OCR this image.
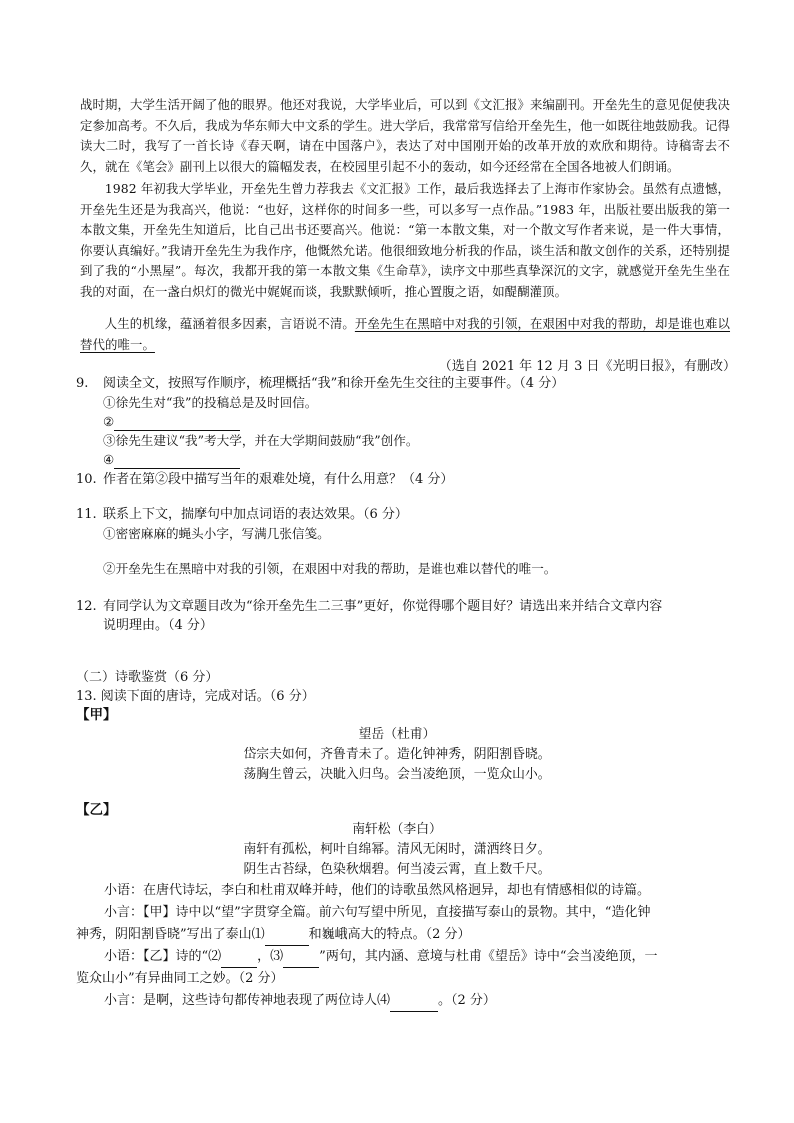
战时期，大学生活开阔了他的眼界。他还对我说，大学毕业后，可以到《文汇报》来编副刊。开垒先生的意见促使我决定参加高考。不久后，我成为华东师大中文系的学生。进大学后，我常常写信给开垒先生，他一如既往地鼓励我。记得读大二时，我写了一首长诗《春天啊，请在中国落户》，表达了对中国刚开始的改革开放的欢欣和期待。诗稿寄去不久，就在《笔会》副刊上以很大的篇幅发表，在校园里引起不小的轰动，如今还经常在全国各地被人们朗诵。

1982 年初我大学毕业，开垒先生曾力荐我去《文汇报》工作，最后我选择去了上海市作家协会。虽然有点遗憾，开垒先生还是为我高兴，他说：“也好，这样你的时间多一些，可以多写一点作品。”1983 年，出版社要出版我的第一本散文集，开垒先生知道后，比自己出书还要高兴。他说：“第一本散文集，对一个散文写作者来说，是一件大事情，你要认真编好。”我请开垒先生为我作序，他慨然允诺。他很细致地分析我的作品，谈生活和散文创作的关系，还特别提到了我的“小黑屋”。每次，我都开我的第一本散文集《生命草》，读序文中那些真挚深沉的文字，就感觉开垒先生坐在我的对面，在一盏白炽灯的微光中娓娓而谈，我默默倾听，推心置腹之语，如醍醐灌顶。

人生的机缘，蕴涵着很多因素，言语说不清。开垒先生在黑暗中对我的引领，在艰困中对我的帮助，却是谁也难以替代的唯一。

（选自 2021 年 12 月 3 日《光明日报》，有删改）
9. 阅读全文，按照写作顺序，梳理概括“我”和徐开垒先生交往的主要事件。（4 分）
①徐先生对“我”的投稿总是及时回信。
②
③徐先生建议“我”考大学，并在大学期间鼓励“我”创作。
④
10. 作者在第②段中描写当年的艰难处境，有什么用意？（4 分）
11. 联系上下文，揣摩句中加点词语的表达效果。（6 分）
①密密麻麻的蝇头小字，写满几张信笺。
②开垒先生在黑暗中对我的引领，在艰困中对我的帮助，是谁也难以替代的唯一。
12. 有同学认为文章题目改为“徐开垒先生二三事”更好，你觉得哪个题目好？请选出来并结合文章内容
说明理由。（4 分）
（二）诗歌鉴赏（6 分）
13. 阅读下面的唐诗，完成对话。（6 分）
【甲】
望岳（杜甫）
岱宗夫如何，齐鲁青未了。造化钟神秀，阴阳割昏晓。
荡胸生曾云，决眦入归鸟。会当凌绝顶，一览众山小。
【乙】
南轩松（李白）
南轩有孤松，柯叶自绵幂。清风无闲时，潇洒终日夕。
阴生古苔绿，色染秋烟碧。何当凌云霄，直上数千尺。
小语：在唐代诗坛，李白和杜甫双峰并峙，他们的诗歌虽然风格迥异，却也有情感相似的诗篇。
小言：【甲】诗中以“望”字贯穿全篇。前六句写望中所见，直接描写泰山的景物。其中，“造化钟
神秀，阴阳割昏晓”写出了泰山⑴	和巍峨高大的特点。（2 分）
小语：【乙】诗的“⑵	，⑶	”两句，其内涵、意境与杜甫《望岳》诗中“会当凌绝顶，一
览众山小”有异曲同工之妙。（2 分）
小言：是啊，这些诗句都传神地表现了两位诗人⑷	。（2 分）
